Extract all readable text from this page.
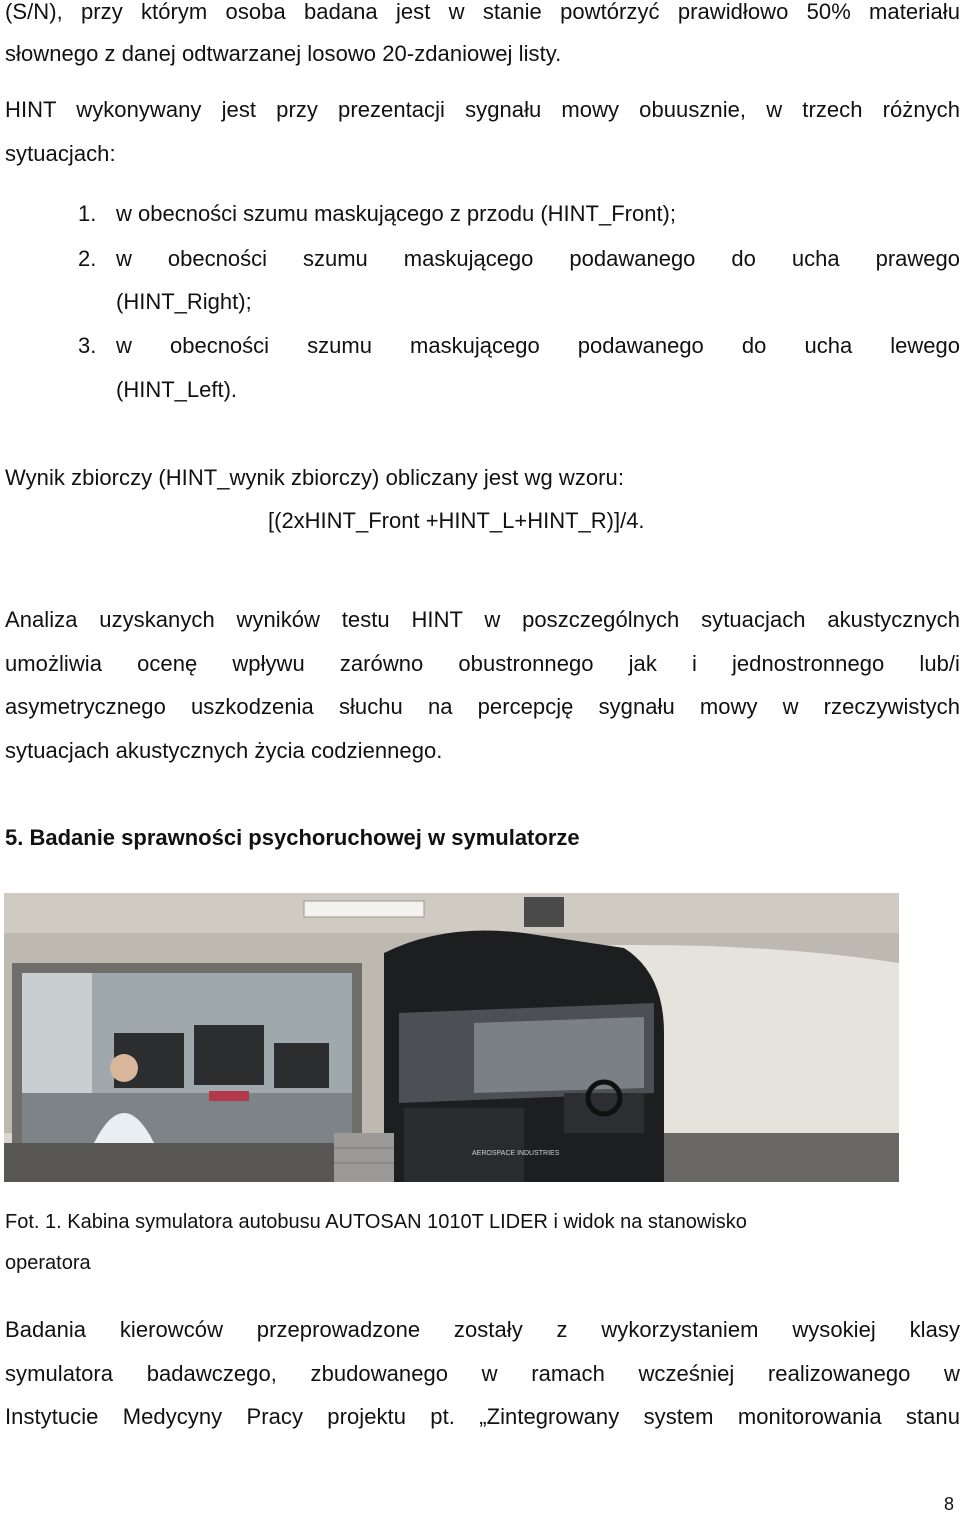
(S/N), przy którym osoba badana jest w stanie powtórzyć prawidłowo 50% materiału
słownego z danej odtwarzanej losowo 20-zdaniowej listy.
HINT wykonywany jest przy prezentacji sygnału mowy obuusznie, w trzech różnych
sytuacjach:
1. w obecności szumu maskującego z przodu (HINT_Front);
2. w obecności szumu maskującego podawanego do ucha prawego
(HINT_Right);
3. w obecności szumu maskującego podawanego do ucha lewego
(HINT_Left).
Wynik zbiorczy (HINT_wynik zbiorczy) obliczany jest wg wzoru:
[(2xHINT_Front +HINT_L+HINT_R)]/4.
Analiza uzyskanych wyników testu HINT w poszczególnych sytuacjach akustycznych
umożliwia ocenę wpływu zarówno obustronnego jak i jednostronnego lub/i
asymetrycznego uszkodzenia słuchu na percepcję sygnału mowy w rzeczywistych
sytuacjach akustycznych życia codziennego.
5. Badanie sprawności psychoruchowej w symulatorze
AEROSPACE INDUSTRIES
Fot. 1. Kabina symulatora autobusu AUTOSAN 1010T LIDER i widok na stanowisko
operatora
Badania kierowców przeprowadzone zostały z wykorzystaniem wysokiej klasy
symulatora badawczego, zbudowanego w ramach wcześniej realizowanego w
Instytucie Medycyny Pracy projektu pt. „Zintegrowany system monitorowania stanu
8
